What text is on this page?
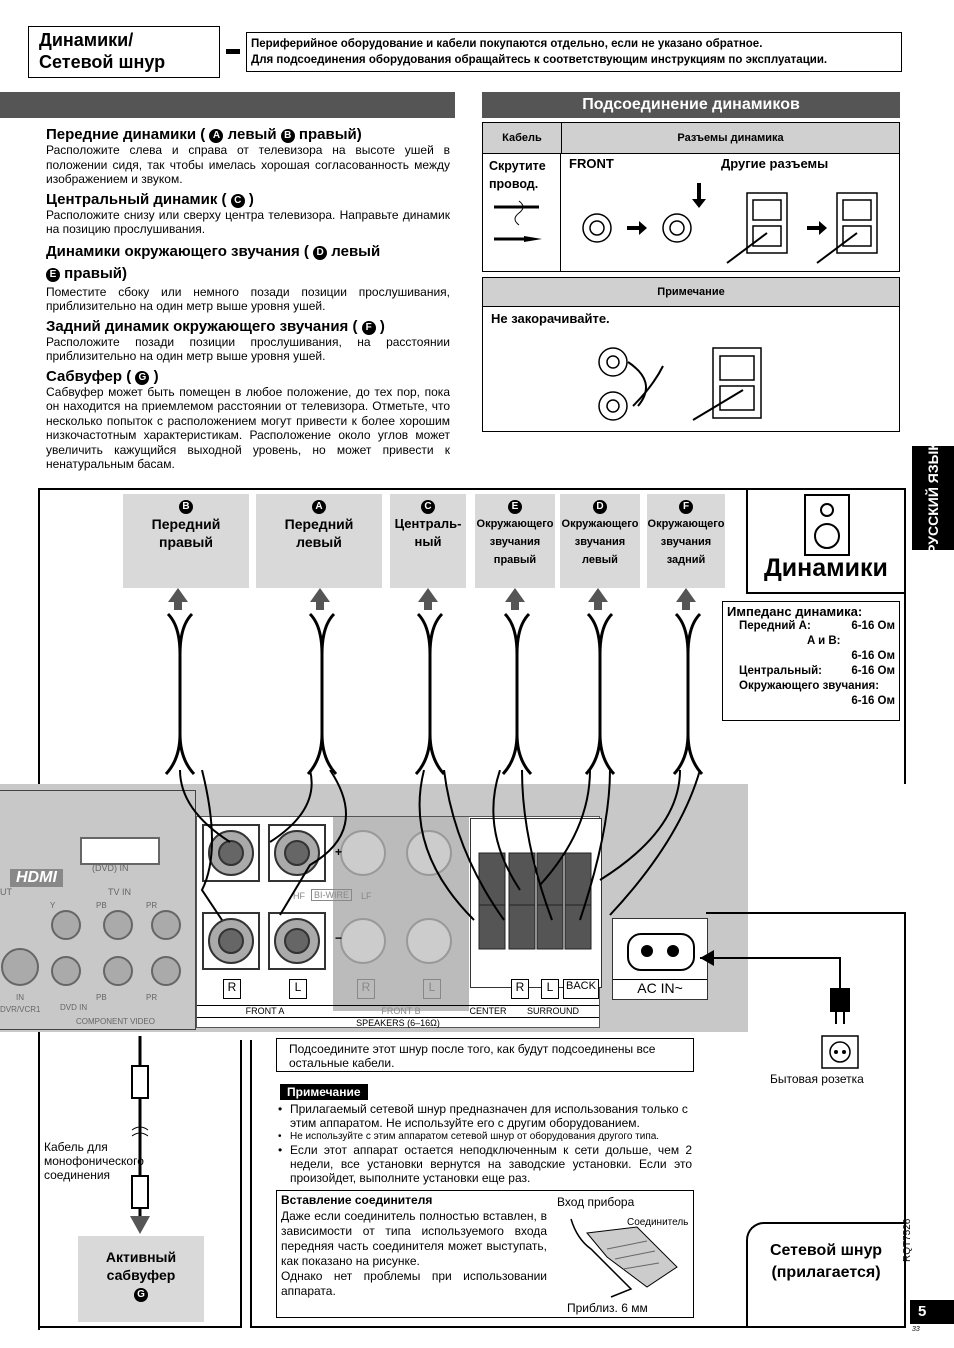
Динамики/
Сетевой шнур
Периферийное оборудование и кабели покупаются отдельно, если не указано обратное.
Для подсоединения оборудования обращайтесь к соответствующим инструкциям по эксплуатации.
Подсоединение динамиков
Передние динамики ( A левый B правый)
Расположите слева и справа от телевизора на высоте ушей в положении сидя, так чтобы имелась хорошая согласованность между изображением и звуком.
Центральный динамик ( C )
Расположите снизу или сверху центра телевизора. Направьте динамик на позицию прослушивания.
Динамики окружающего звучания ( D левый
E правый)
Поместите сбоку или немного позади позиции прослушивания, приблизительно на один метр выше уровня ушей.
Задний динамик окружающего звучания ( F )
Расположите позади позиции прослушивания, на расстоянии приблизительно на один метр выше уровня ушей.
Сабвуфер ( G )
Сабвуфер может быть помещен в любое положение, до тех пор, пока он находится на приемлемом расстоянии от телевизора. Отметьте, что несколько попыток с расположением могут привести к более хорошим низкочастотным характеристикам. Расположение около углов может увеличить кажущийся выходной уровень, но может привести к ненатуральным басам.
Кабель	Разъемы динамика
Скрутите провод.
FRONT	Другие разъемы
Примечание
Не закорачивайте.
РУССКИЙ ЯЗЫК
B
Передний
правый
A
Передний
левый
C
Централь-
ный
E
Окружающего
звучания
правый
D
Окружающего
звучания
левый
F
Окружающего
звучания
задний	Динамики
Импеданс динамика:
Передний A:	6-16 Ом
A и B:
6-16 Ом
Центральный:	6-16 Ом
Окружающего звучания:
6-16 Ом
HDMI
(DVD) IN
TV IN
UT
Y	PB	PR
DVD IN
IN	PB	PR
DVR/VCR1
COMPONENT VIDEO
+
−
HF	BI-WIRE	LF
R	L	R	L
FRONT A	FRONT B	CENTER	SURROUND
SPEAKERS (6–16Ω)
R	L	BACK	AC IN~
Бытовая розетка
Кабель для монофонического соединения
Активный сабвуфер
G
Подсоедините этот шнур после того, как будут подсоединены все остальные кабели.
Примечание
• Прилагаемый сетевой шнур предназначен для использования только с этим аппаратом. Не используйте его с другим оборудованием.
• Не используйте с этим аппаратом сетевой шнур от оборудования другого типа.
• Если этот аппарат остается неподключенным к сети дольше, чем 2 недели, все установки вернутся на заводские установки. Если это произойдет, выполните установки еще раз.
Вставление соединителя
Даже если соединитель полностью вставлен, в зависимости от типа используемого входа передняя часть соединителя может выступать, как показано на рисунке.
Однако нет проблемы при использовании аппарата.
Вход прибора
Соединитель
Приблиз. 6 мм
Сетевой шнур
(прилагается)
RQT7526
5
33
